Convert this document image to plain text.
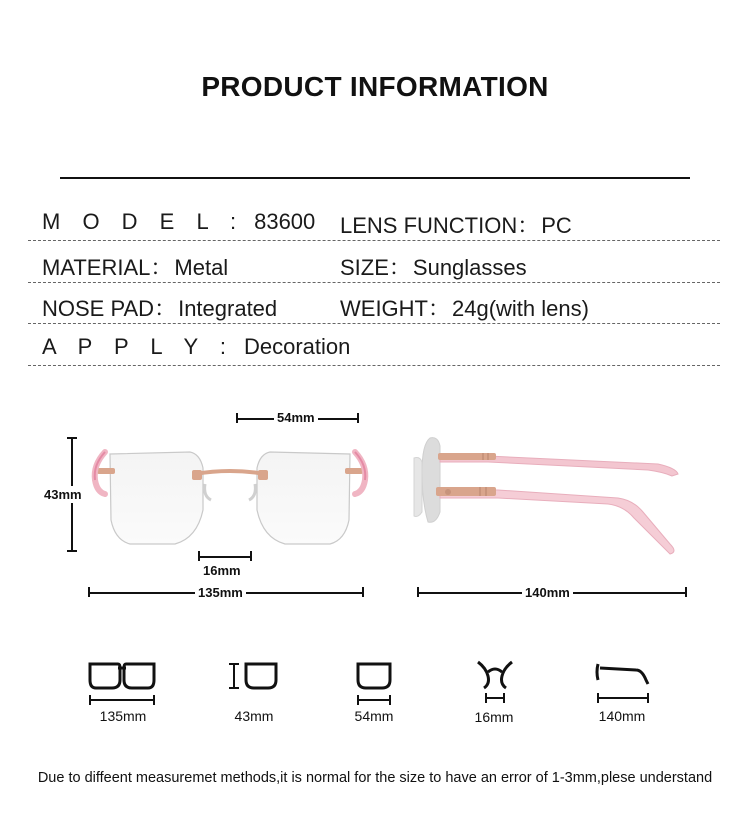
PRODUCT INFORMATION
M O D E L : 83600 LENS FUNCTION：PC
MATERIAL：Metal	SIZE：Sunglasses
NOSE PAD：Integrated	WEIGHT：24g(with lens)
A P P L Y : Decoration
54mm
43mm
16mm
135mm	140mm
135mm	43mm	54mm	16mm	140mm
Due to diffeent measuremet methods,it is normal for the size to have an error of 1-3mm,plese understand
